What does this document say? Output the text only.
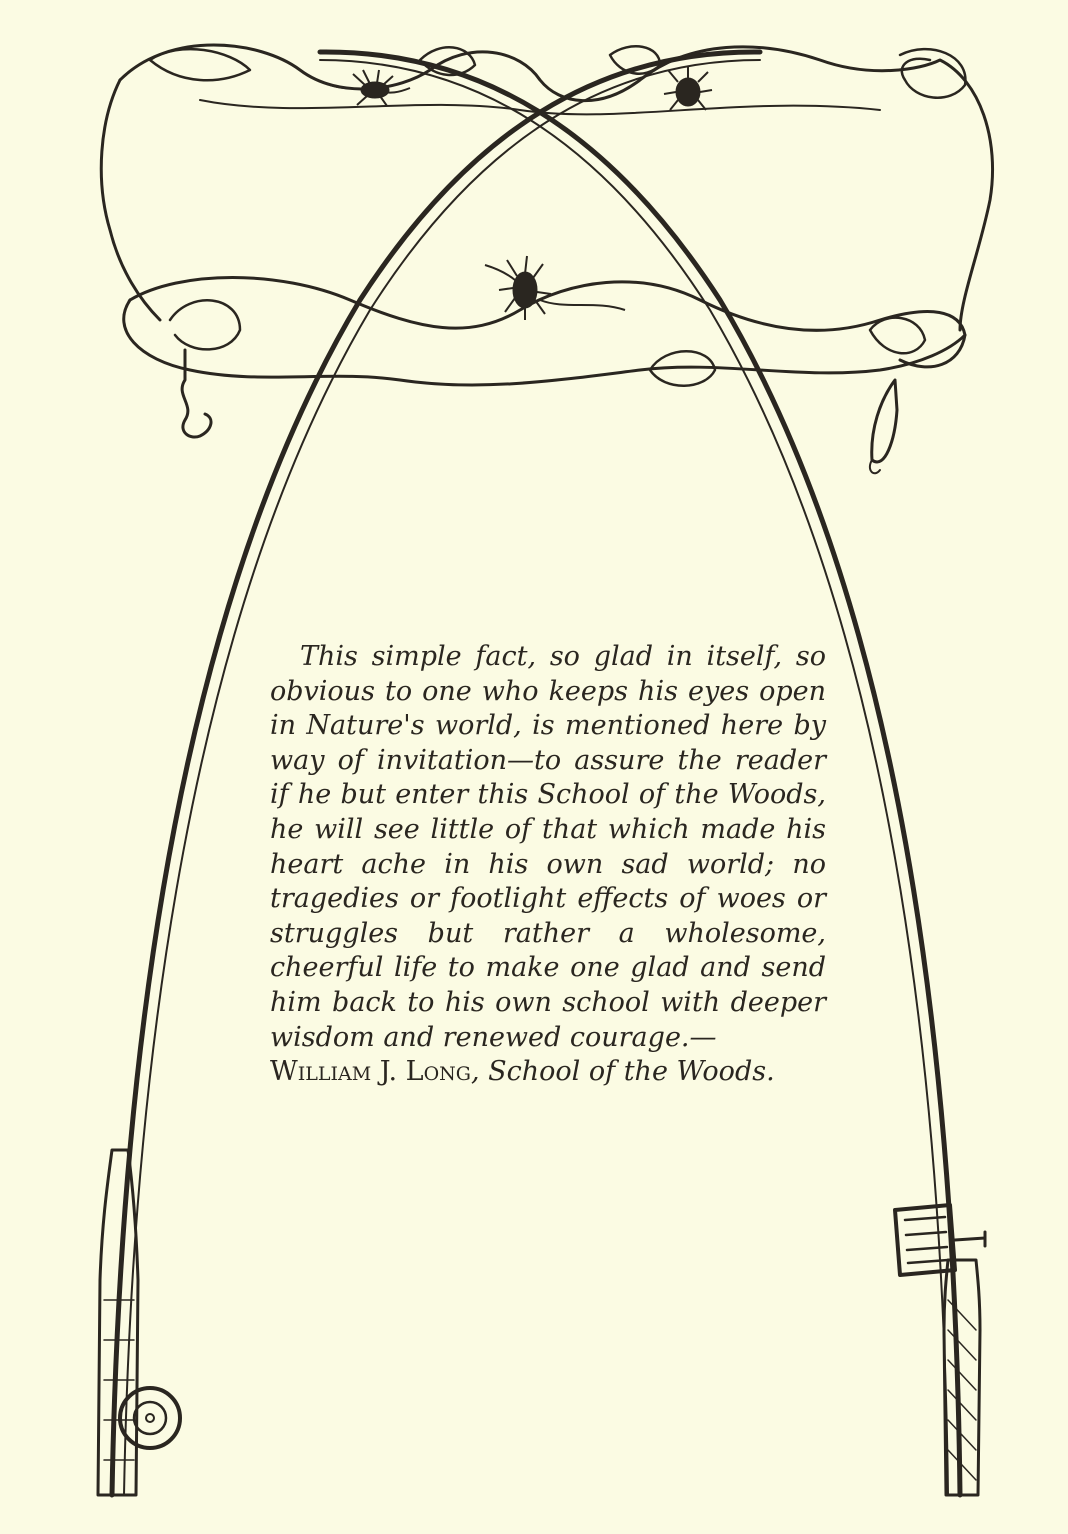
This simple fact, so glad in itself, so obvious to one who keeps his eyes open in Nature's world, is mentioned here by way of invitation—to assure the reader if he but enter this School of the Woods, he will see little of that which made his heart ache in his own sad world; no tragedies or footlight effects of woes or struggles but rather a wholesome, cheerful life to make one glad and send him back to his own school with deeper wisdom and renewed courage.—
William J. Long, School of the Woods.
